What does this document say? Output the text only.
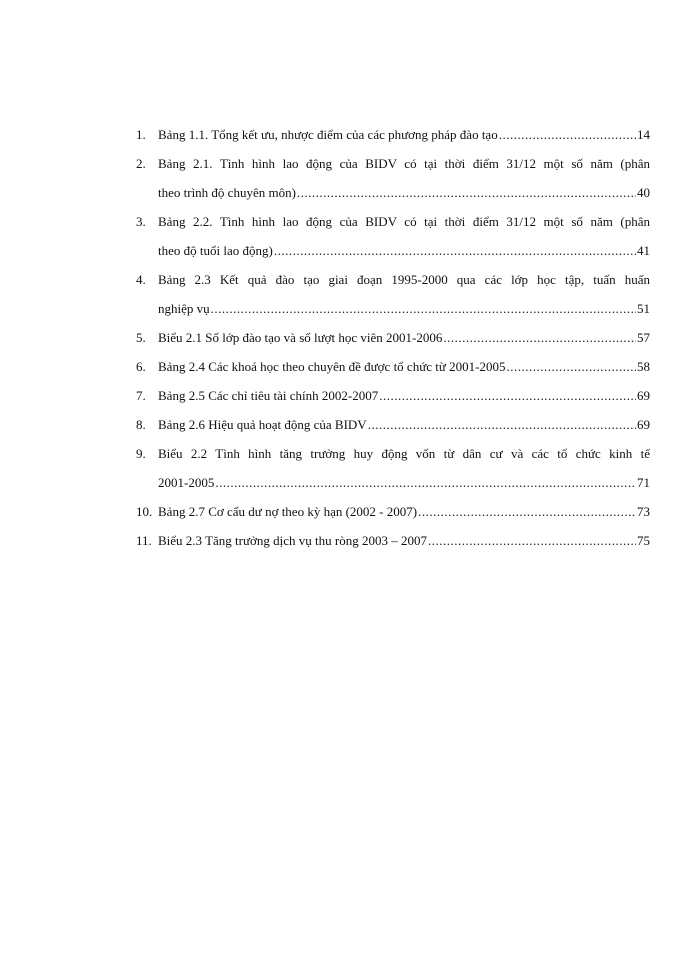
1. Bảng 1.1. Tổng kết ưu, nhược điểm của các phương pháp đào tạo .....	14
2. Bảng 2.1. Tình hình lao động của BIDV có tại thời điểm 31/12 một số năm (phân
theo trình độ chuyên môn) .....	40
3. Bảng 2.2. Tình hình lao động của BIDV có tại thời điểm 31/12 một số năm (phân
theo độ tuổi lao động) .....	41
4. Bảng 2.3 Kết quả đào tạo giai đoạn 1995-2000 qua các lớp học tập, tuấn huấn
nghiệp vụ .....	51
5. Biểu 2.1 Số lớp đào tạo và số lượt học viên 2001-2006 .....	57
6. Bảng 2.4 Các khoá học theo chuyên đề được tổ chức từ 2001-2005 .....	58
7. Bảng 2.5 Các chỉ tiêu tài chính 2002-2007 .....	69
8. Bảng 2.6 Hiệu quả hoạt động của BIDV .....	69
9. Biểu 2.2 Tình hình tăng trưởng huy động vốn từ dân cư và các tổ chức kinh tế
2001-2005 .....	71
10. Bảng 2.7 Cơ cấu dư nợ theo kỳ hạn (2002 - 2007) .....	73
11. Biểu 2.3 Tăng trưởng dịch vụ thu ròng 2003 – 2007 .....	75
